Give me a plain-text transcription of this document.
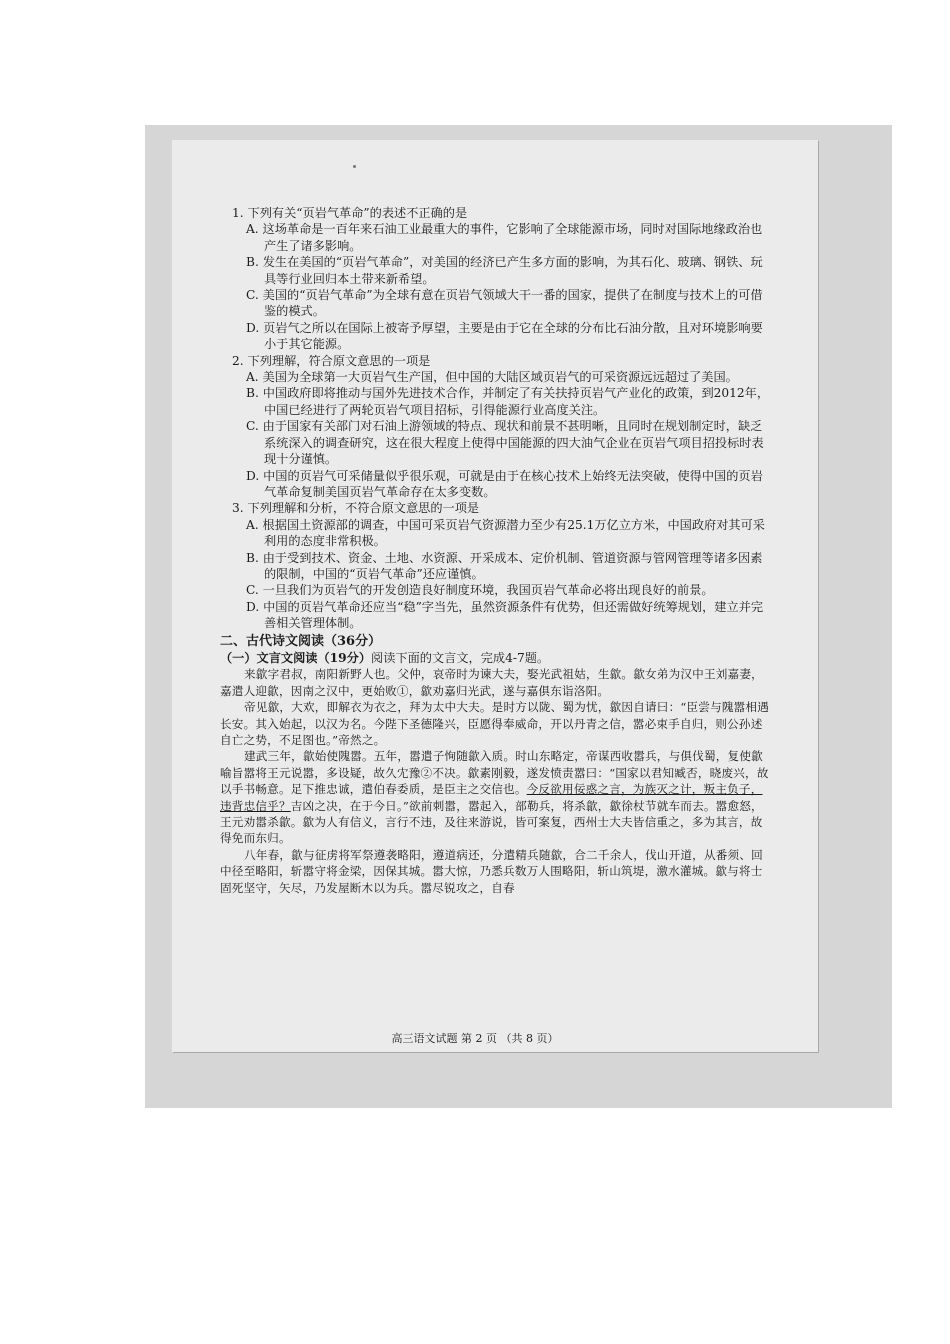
1. 下列有关“页岩气革命”的表述不正确的是

A. 这场革命是一百年来石油工业最重大的事件，它影响了全球能源市场，同时对国际地缘政治也产生了诸多影响。

B. 发生在美国的“页岩气革命”，对美国的经济已产生多方面的影响，为其石化、玻璃、钢铁、玩具等行业回归本土带来新希望。

C. 美国的“页岩气革命”为全球有意在页岩气领域大干一番的国家，提供了在制度与技术上的可借鉴的模式。

D. 页岩气之所以在国际上被寄予厚望，主要是由于它在全球的分布比石油分散，且对环境影响要小于其它能源。

2. 下列理解，符合原文意思的一项是

A. 美国为全球第一大页岩气生产国，但中国的大陆区域页岩气的可采资源远远超过了美国。

B. 中国政府即将推动与国外先进技术合作，并制定了有关扶持页岩气产业化的政策，到2012年，中国已经进行了两轮页岩气项目招标，引得能源行业高度关注。

C. 由于国家有关部门对石油上游领域的特点、现状和前景不甚明晰，且同时在规划制定时，缺乏系统深入的调查研究，这在很大程度上使得中国能源的四大油气企业在页岩气项目招投标时表现十分谨慎。

D. 中国的页岩气可采储量似乎很乐观，可就是由于在核心技术上始终无法突破，使得中国的页岩气革命复制美国页岩气革命存在太多变数。

3. 下列理解和分析，不符合原文意思的一项是

A. 根据国土资源部的调查，中国可采页岩气资源潜力至少有25.1万亿立方米，中国政府对其可采利用的态度非常积极。

B. 由于受到技术、资金、土地、水资源、开采成本、定价机制、管道资源与管网管理等诸多因素的限制，中国的“页岩气革命”还应谨慎。

C. 一旦我们为页岩气的开发创造良好制度环境，我国页岩气革命必将出现良好的前景。

D. 中国的页岩气革命还应当“稳”字当先，虽然资源条件有优势，但还需做好统筹规划，建立并完善相关管理体制。

二、古代诗文阅读（36分）

（一）文言文阅读（19分）阅读下面的文言文，完成4-7题。

来歙字君叔，南阳新野人也。父仲，哀帝时为谏大夫，娶光武祖姑，生歙。歙女弟为汉中王刘嘉妻，嘉遣人迎歙，因南之汉中，更始败①，歙劝嘉归光武，遂与嘉俱东诣洛阳。

帝见歙，大欢，即解衣为衣之，拜为太中大夫。是时方以陇、蜀为忧，歙因自请曰：“臣尝与隗嚣相遇长安。其入始起，以汉为名。今陛下圣德隆兴，臣愿得奉威命，开以丹青之信，嚣必束手自归，则公孙述自亡之势，不足图也。”帝然之。

建武三年，歙始使隗嚣。五年，嚣遣子恂随歙入质。时山东略定，帝谋西收嚣兵，与俱伐蜀，复使歙喻旨嚣将王元说嚣，多设疑，故久冘豫②不决。歙素刚毅，遂发愤责嚣曰：“国家以君知臧否，晓废兴，故以手书畅意。足下推忠诚，遣伯春委质，是臣主之交信也。今反欲用佞惑之言，为族灭之计，叛主负子，违背忠信乎？吉凶之决，在于今日。”欲前刺嚣，嚣起入，部勒兵，将杀歙，歙徐杖节就车而去。嚣愈怒，王元劝嚣杀歙。歙为人有信义，言行不违，及往来游说，皆可案复，西州士大夫皆信重之，多为其言，故得免而东归。

八年春，歙与征虏将军祭遵袭略阳，遵道病还，分遣精兵随歙，合二千余人，伐山开道，从番须、回中径至略阳，斩嚣守将金梁，因保其城。嚣大惊，乃悉兵数万人围略阳，斩山筑堤，激水灌城。歙与将士固死坚守，矢尽，乃发屋断木以为兵。嚣尽锐攻之，自春

高三语文试题 第 2 页 （共 8 页）
